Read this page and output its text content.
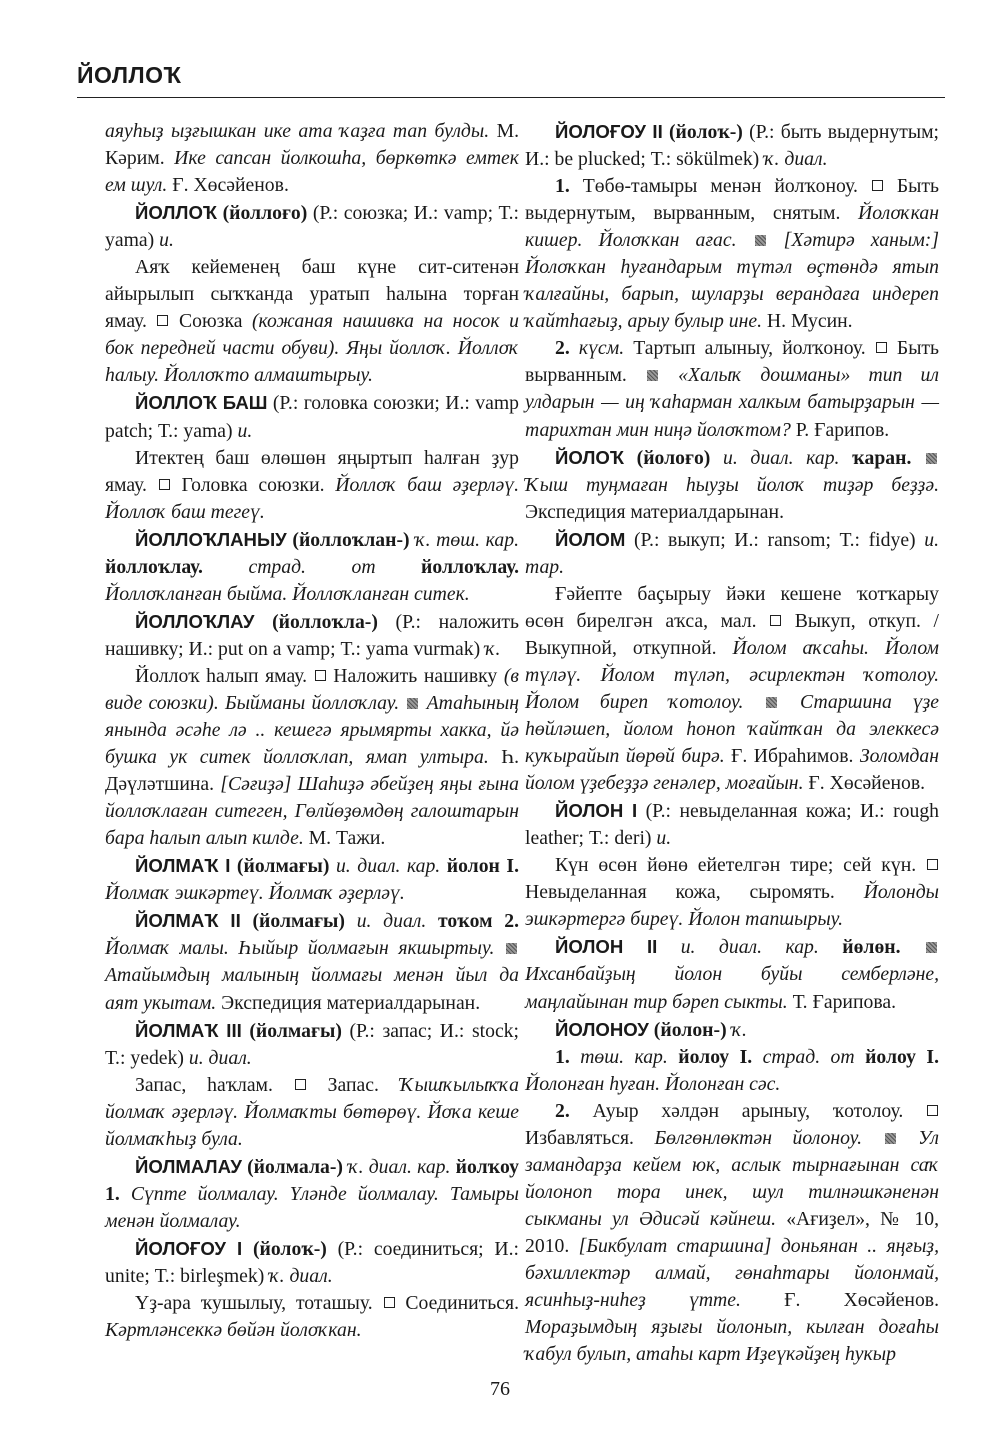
ЙОЛЛОҠ

аяуһыҙ ыҙғышкан ике ата ҡаҙға тап булды. М. Кәрим. Ике сапсан йолкошһа, бөркөткә емтек ем шул. Ғ. Хөсәйенов.

ЙОЛЛОҠ (йоллоғо) (Р.: союзка; И.: vamp; Т.: yama) и.

Аяҡ кейеменең баш күне сит-ситенән айырылып сыҡҡанда уратып һалына торған ямау.  Союзка (кожаная нашивка на носок и бок передней части обуви). Яңы йоллоҡ. Йоллоҡ һалыу. Йоллоҡто алмаштырыу.

ЙОЛЛОҠ БАШ (Р.: головка союзки; И.: vamp patch; Т.: yama) и.

Итектең баш өлөшөн яңыртып һалған ҙур ямау.  Головка союзки. Йоллоҡ баш әҙерләү. Йоллоҡ баш тегеү.

ЙОЛЛОҠЛАНЫУ (йоллоҡлан-) ҡ. төш. кар. йоллоҡлау. страд. от йоллоҡлау. Йоллоҡланған быйма. Йоллоҡланған ситек.

ЙОЛЛОҠЛАУ (йоллоҡла-) (Р.: наложить нашивку; И.: put on a vamp; Т.: yama vurmak) ҡ.

Йоллоҡ һалып ямау.  Наложить нашивку (в виде союзки). Быйманы йоллоҡлау.  Атаһының янында әсәһе лә .. кешегә ярымярты хакка, йә бушка ук ситек йоллоҡлап, ямап ултыра. Һ. Дәүләтшина. [Сәғиҙә] Шаһиҙә әбейҙең яңы ғына йоллоҡлаған ситеген, Гөлйөҙөмдөң галоштарын бара һалып алып килде. М. Тажи.

ЙОЛМАҠ I (йолмағы) и. диал. кар. йолон I. Йолмаҡ эшкәртеү. Йолмаҡ әҙерләү.

ЙОЛМАҠ II (йолмағы) и. диал. тоҡом 2. Йолмаҡ малы. Һыйыр йолмағын якшыртыу.  Атайымдың малының йолмағы менән йыл да аят укытам. Экспедиция материалдарынан.

ЙОЛМАҠ III (йолмағы) (Р.: запас; И.: stock; Т.: yedek) и. диал.

Запас, һаҡлам.  Запас. Ҡышҡылыҡҡа йолмаҡ әҙерләү. Йолмаҡты бөтөрөү. Йоҡа кеше йолмаҡһыҙ була.

ЙОЛМАЛАУ (йолмала-) ҡ. диал. кар. йолҡоу 1. Сүпте йолмалау. Үләнде йолмалау. Тамыры менән йолмалау.

ЙОЛОҒОУ I (йолоҡ-) (Р.: соединиться; И.: unite; Т.: birleşmek) ҡ. диал.

Үҙ-ара ҡушылыу, тоташыу.  Соединиться. Кәртләнсеккә бөйән йолоҡкан.

ЙОЛОҒОУ II (йолоҡ-) (Р.: быть выдернутым; И.: be plucked; Т.: sökülmek) ҡ. диал.

1. Төбө-тамыры менән йолҡоноу.  Быть выдернутым, вырванным, снятым. Йолоҡкан кишер. Йолоҡкан ағас.  [Хәтирә ханым:] Йолоҡкан һуғандарым түтәл өҫтөндә ятып ҡалғайны, барып, шуларҙы верандаға индереп ҡайтһағыҙ, арыу булыр ине. Н. Мусин.

2. күсм. Тартып алыныу, йолҡоноу.  Быть вырванным.  «Халыҡ дошманы» тип ил улдарын — иң ҡаһарман халкым батырҙарын — тарихтан мин ниңә йолоҡтом? Р. Ғарипов.

ЙОЛОҠ (йолоғо) и. диал. кар. ҡаран.  Ҡыш туңмаған һыуҙы йолоҡ тиҙәр беҙҙә. Экспедиция материалдарынан.

ЙОЛОМ (Р.: выкуп; И.: ransom; Т.: fidye) и. тар.

Ғәйепте баҫырыу йәки кешене ҡотҡарыу өсөн бирелгән аҡса, мал.  Выкуп, откуп. / Выкупной, откупной. Йолом аҡсаһы. Йолом түләү. Йолом түләп, әсирлектән ҡотолоу. Йолом биреп ҡотолоу.  Старшина үҙе һөйләшеп, йолом һоноп ҡайтҡан да элеккесә куҡырайып йөрөй бирә. Ғ. Ибраһимов. Золомдан йолом үҙебеҙҙә генәлер, моғайын. Ғ. Хөсәйенов.

ЙОЛОН I (Р.: невыделанная кожа; И.: rough leather; Т.: deri) и.

Күн өсөн йөнө ейетелгән тире; сей күн.  Невыделанная кожа, сыромять. Йолонды эшкәртергә биреү. Йолон тапшырыу.

ЙОЛОН II и. диал. кар. йөлөн.  Ихсанбайҙың йолон буйы семберләне, маңлайынан тир бәреп сыкты. Т. Ғарипова.

ЙОЛОНОУ (йолон-) ҡ.

1. төш. кар. йолоу I. страд. от йолоу I. Йолонған һуған. Йолонған сәс.

2. Ауыр хәлдән арыныу, ҡотолоу.  Избавляться. Бөлгөнлөктән йолоноу.  Ул замандарҙа кейем юк, аслык тырнағынан саҡ йолоноп тора инек, шул тилнәшкәненән сыкманы ул Әдисәй кәйнеш. «Ағиҙел», № 10, 2010. [Бикбулат старшина] доньянан .. яңғыҙ, бәхиллектәр алмай, гөнаһтары йолонмай, ясинһыҙ-ниһеҙ үтте. Ғ. Хөсәйенов. Мораҙымдың яҙығы йолонып, кылған доғаһы ҡабул булып, атаһы карт Иҙеүкәйҙең һукыр

76
